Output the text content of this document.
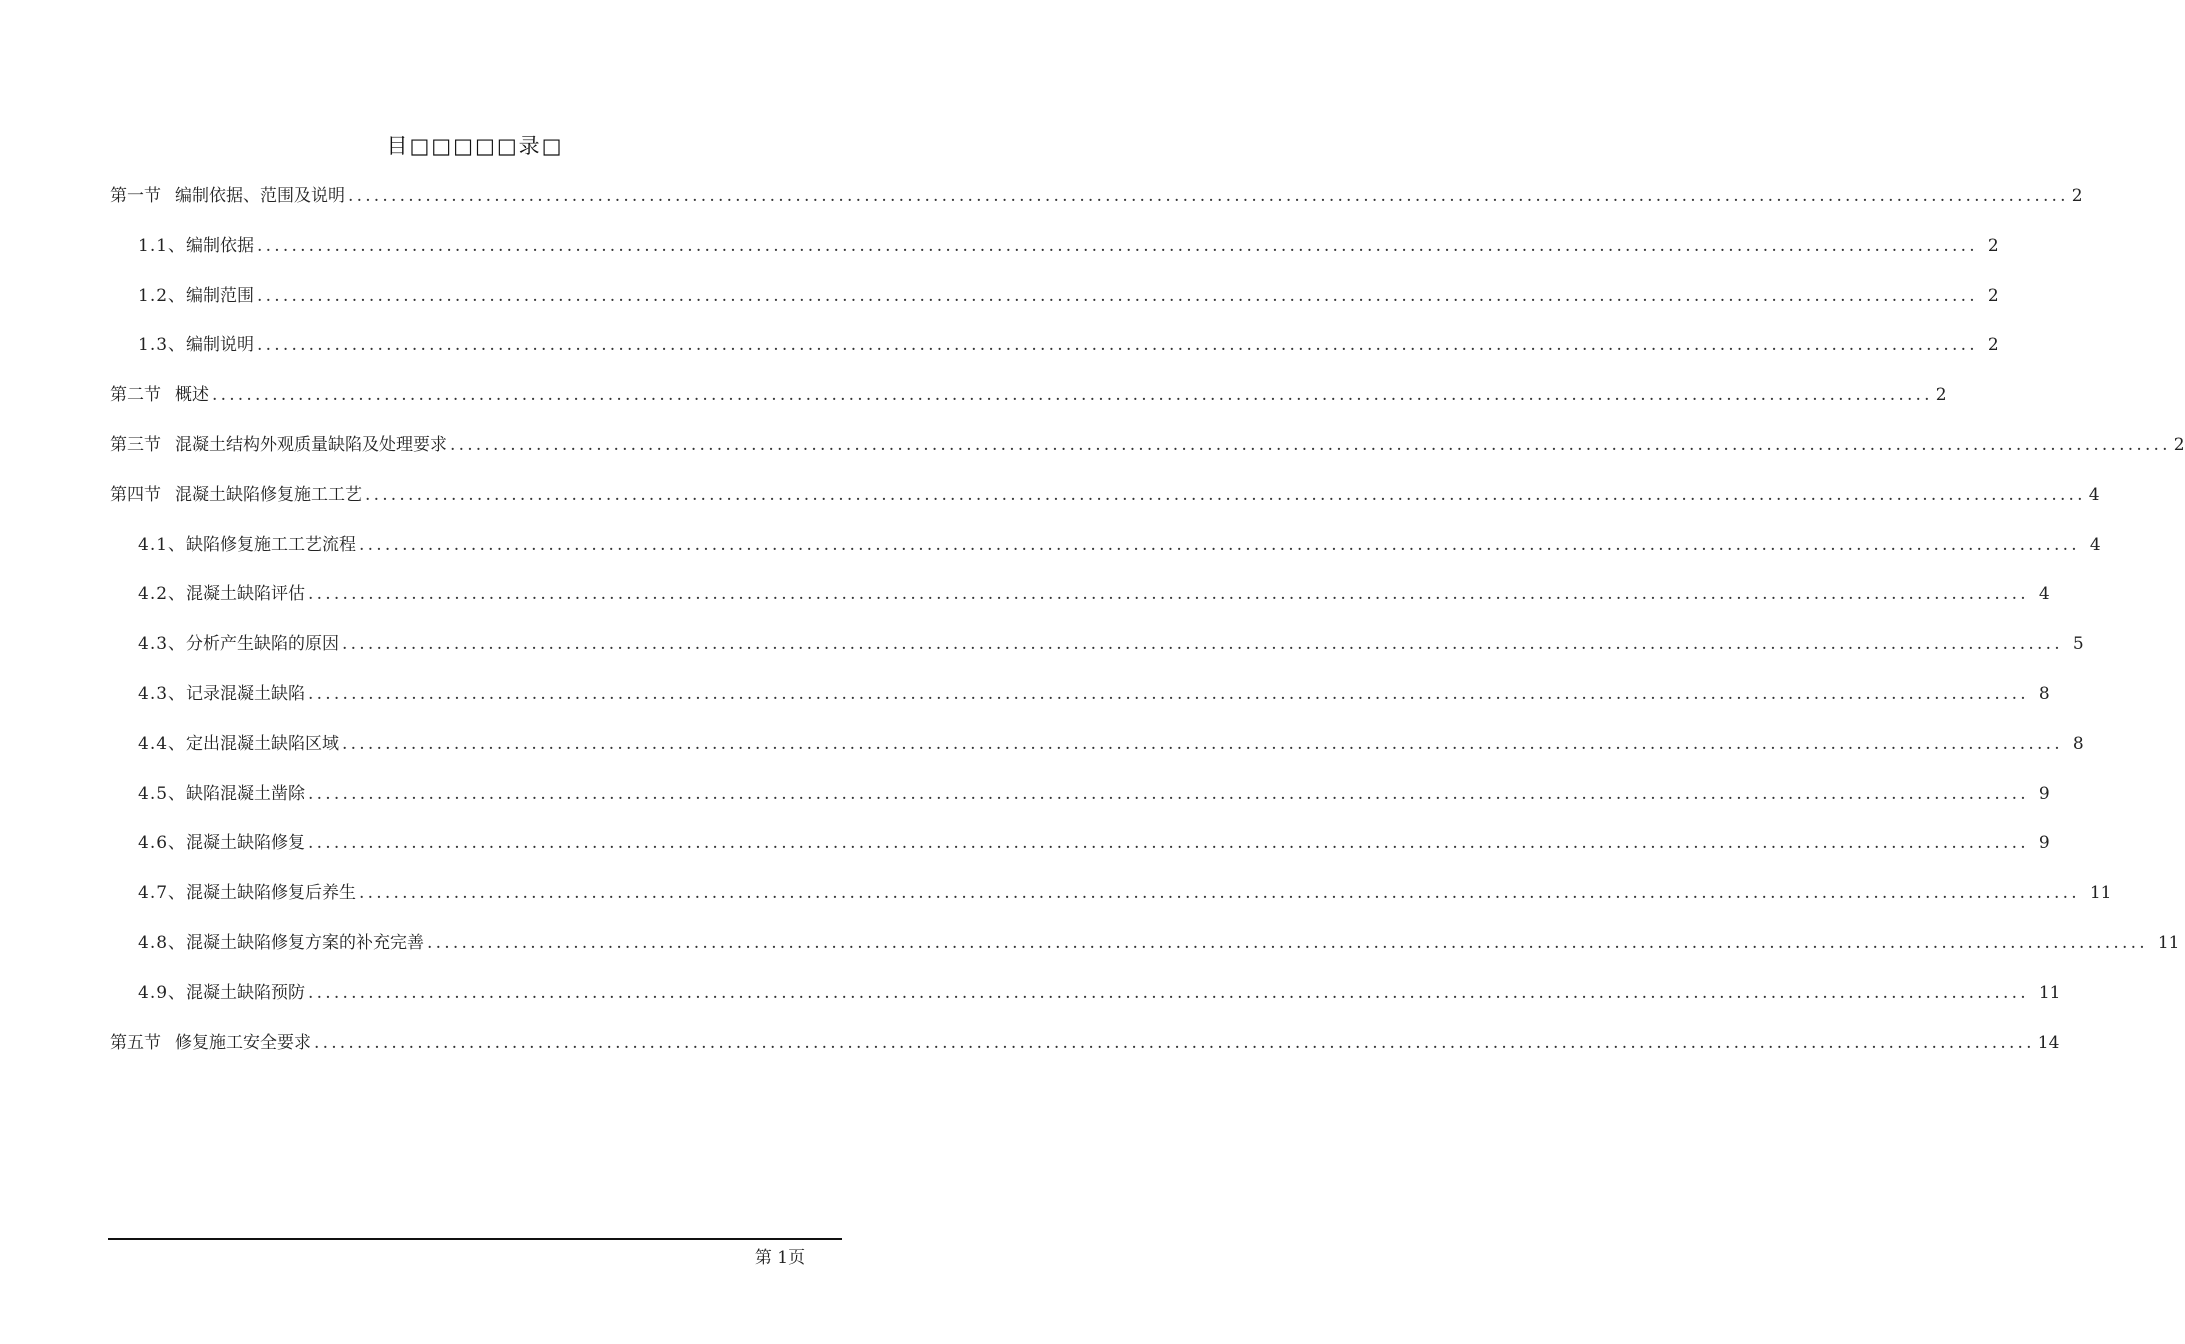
目□□□□□录□
第一节 编制依据、范围及说明 ........................................................................................................................................................................................................ 2
1.1、 编制依据 ........................................................................................................................................................................................................ 2
1.2、 编制范围 ........................................................................................................................................................................................................ 2
1.3、 编制说明 ........................................................................................................................................................................................................ 2
第二节 概述 ........................................................................................................................................................................................................ 2
第三节 混凝土结构外观质量缺陷及处理要求 ........................................................................................................................................................................................................ 2
第四节 混凝土缺陷修复施工工艺 ........................................................................................................................................................................................................ 4
4.1、 缺陷修复施工工艺流程 ........................................................................................................................................................................................................ 4
4.2、 混凝土缺陷评估 ........................................................................................................................................................................................................ 4
4.3、 分析产生缺陷的原因 ........................................................................................................................................................................................................ 5
4.3、 记录混凝土缺陷 ........................................................................................................................................................................................................ 8
4.4、 定出混凝土缺陷区域 ........................................................................................................................................................................................................ 8
4.5、 缺陷混凝土凿除 ........................................................................................................................................................................................................ 9
4.6、 混凝土缺陷修复 ........................................................................................................................................................................................................ 9
4.7、 混凝土缺陷修复后养生 ........................................................................................................................................................................................................ 11
4.8、 混凝土缺陷修复方案的补充完善 ........................................................................................................................................................................................................ 11
4.9、 混凝土缺陷预防 ........................................................................................................................................................................................................ 11
第五节 修复施工安全要求 ........................................................................................................................................................................................................ 14
第 1页
